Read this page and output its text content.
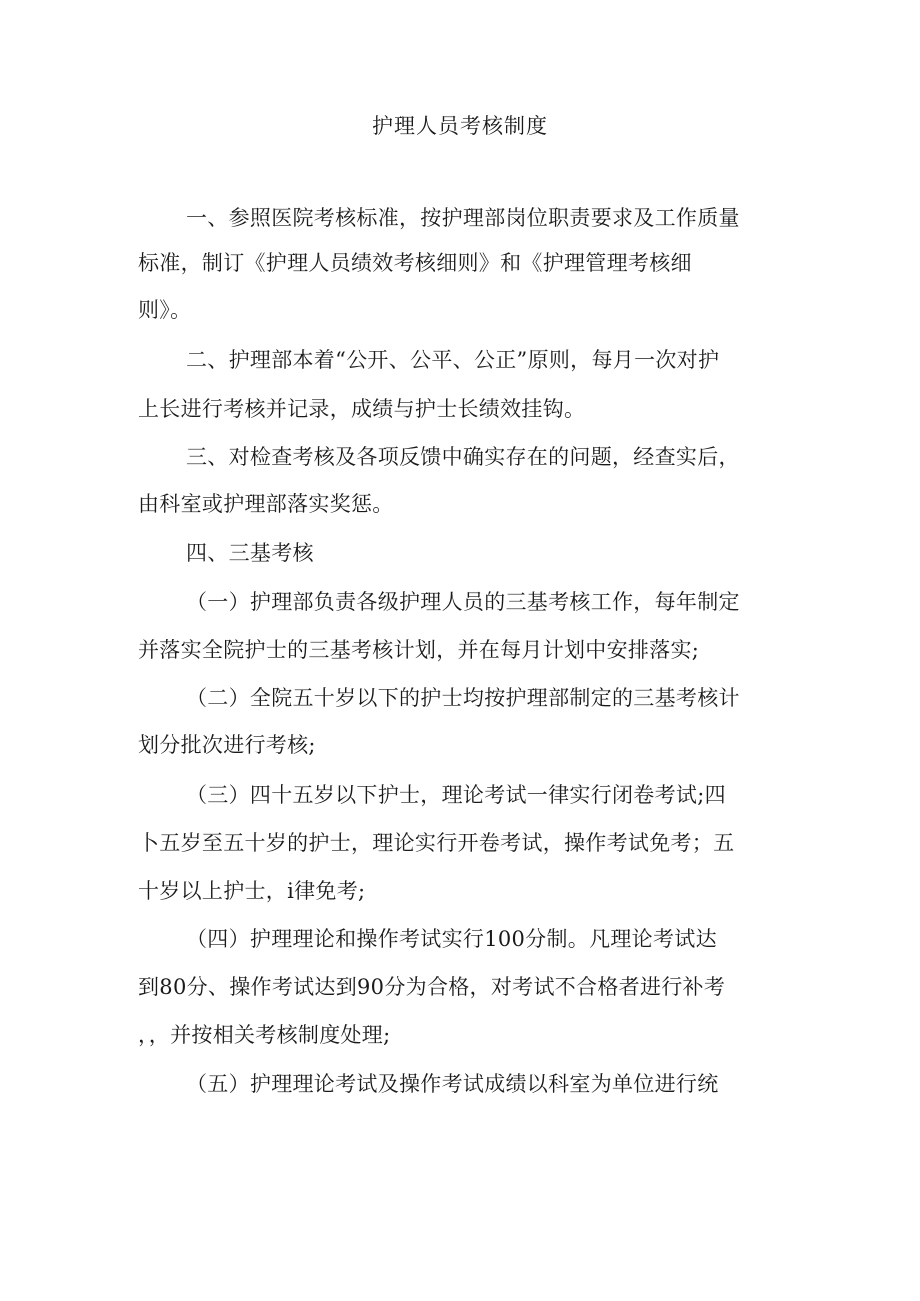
护理人员考核制度

一、参照医院考核标准，按护理部岗位职责要求及工作质量

标准，制订《护理人员绩效考核细则》和《护理管理考核细

则》。

二、护理部本着“公开、公平、公正”原则，每月一次对护

上长进行考核并记录，成绩与护士长绩效挂钩。

三、对检查考核及各项反馈中确实存在的问题，经查实后，

由科室或护理部落实奖惩。

四、三基考核

（一）护理部负责各级护理人员的三基考核工作，每年制定

并落实全院护士的三基考核计划，并在每月计划中安排落实;

（二）全院五十岁以下的护士均按护理部制定的三基考核计

划分批次进行考核;

（三）四十五岁以下护士，理论考试一律实行闭卷考试;四

卜五岁至五十岁的护士，理论实行开卷考试，操作考试免考；五

十岁以上护士，i律免考;

（四）护理理论和操作考试实行100分制。凡理论考试达

到80分、操作考试达到90分为合格，对考试不合格者进行补考

，，并按相关考核制度处理;

（五）护理理论考试及操作考试成绩以科室为单位进行统
